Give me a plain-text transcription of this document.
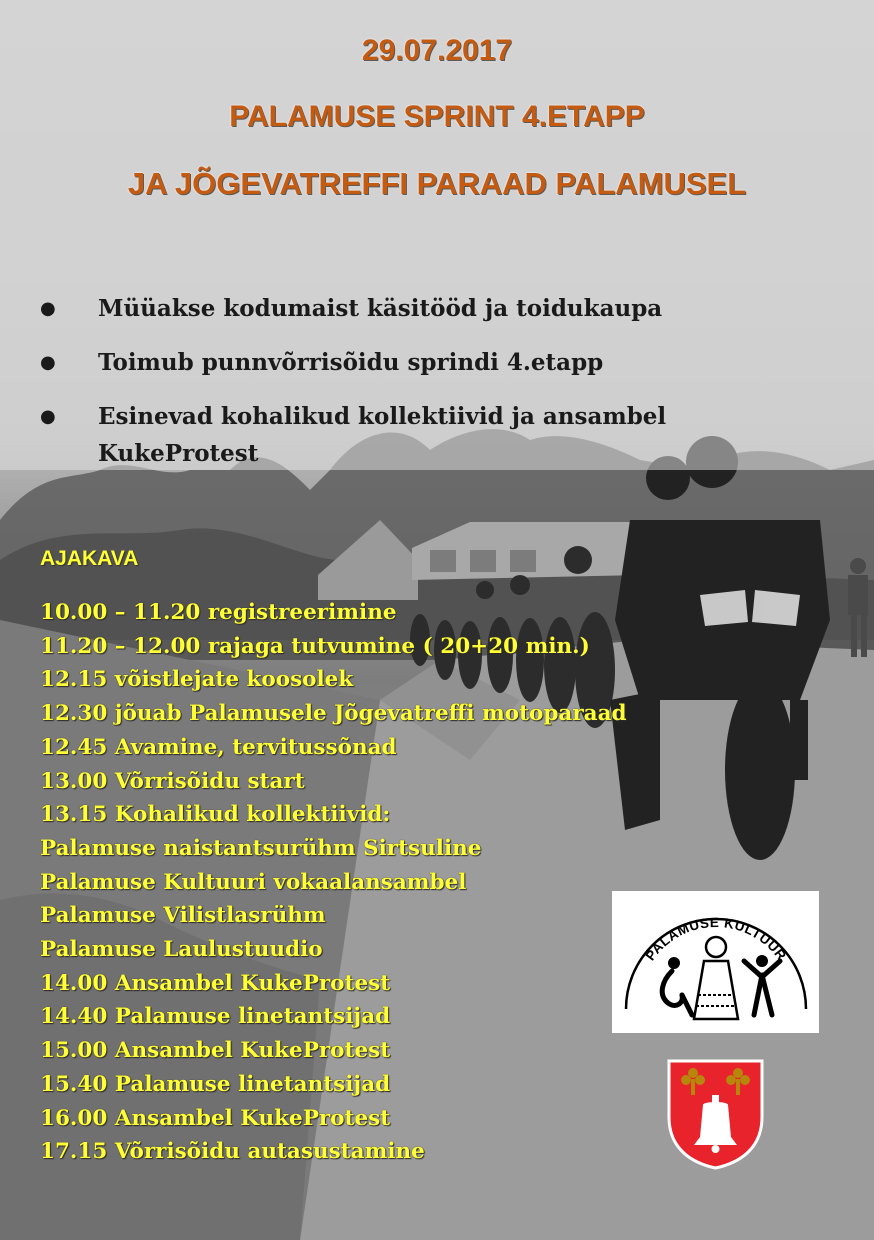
29.07.2017
PALAMUSE SPRINT 4.ETAPP
JA JÕGEVATREFFI PARAAD PALAMUSEL
● Müüakse kodumaist käsitööd ja toidukaupa
● Toimub punnvõrrisõidu sprindi 4.etapp
● Esinevad kohalikud kollektiivid ja ansambel KukeProtest
AJAKAVA
10.00 – 11.20 registreerimine
11.20 – 12.00 rajaga tutvumine ( 20+20 min.)
12.15 võistlejate koosolek
12.30 jõuab Palamusele Jõgevatreffi motoparaad
12.45 Avamine, tervitussõnad
13.00 Võrrisõidu start
13.15 Kohalikud kollektiivid:
Palamuse naistantsurühm Sirtsuline
Palamuse Kultuuri vokaalansambel
Palamuse Vilistlasrühm
Palamuse Laulustuudio
14.00 Ansambel KukeProtest
14.40 Palamuse linetantsijad
15.00 Ansambel KukeProtest
15.40 Palamuse linetantsijad
16.00 Ansambel KukeProtest
17.15 Võrrisõidu autasustamine
PALAMUSE KULTUUR
